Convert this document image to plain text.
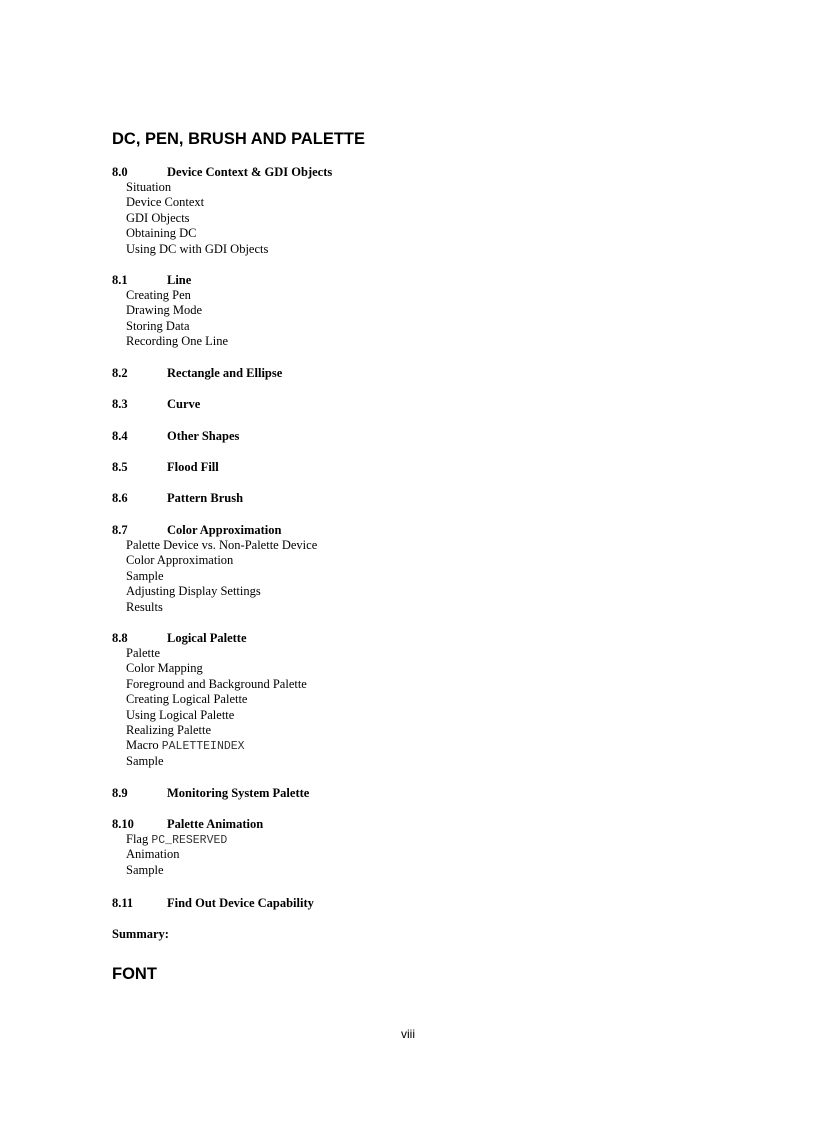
DC, PEN, BRUSH AND PALETTE
8.0	Device Context & GDI Objects
Situation
Device Context
GDI Objects
Obtaining DC
Using DC with GDI Objects
8.1	Line
Creating Pen
Drawing Mode
Storing Data
Recording One Line
8.2	Rectangle and Ellipse
8.3	Curve
8.4	Other Shapes
8.5	Flood Fill
8.6	Pattern Brush
8.7	Color Approximation
Palette Device vs. Non-Palette Device
Color Approximation
Sample
Adjusting Display Settings
Results
8.8	Logical Palette
Palette
Color Mapping
Foreground and Background Palette
Creating Logical Palette
Using Logical Palette
Realizing Palette
Macro PALETTEINDEX
Sample
8.9	Monitoring System Palette
8.10	Palette Animation
Flag PC_RESERVED
Animation
Sample
8.11	Find Out Device Capability
Summary:
FONT
viii
